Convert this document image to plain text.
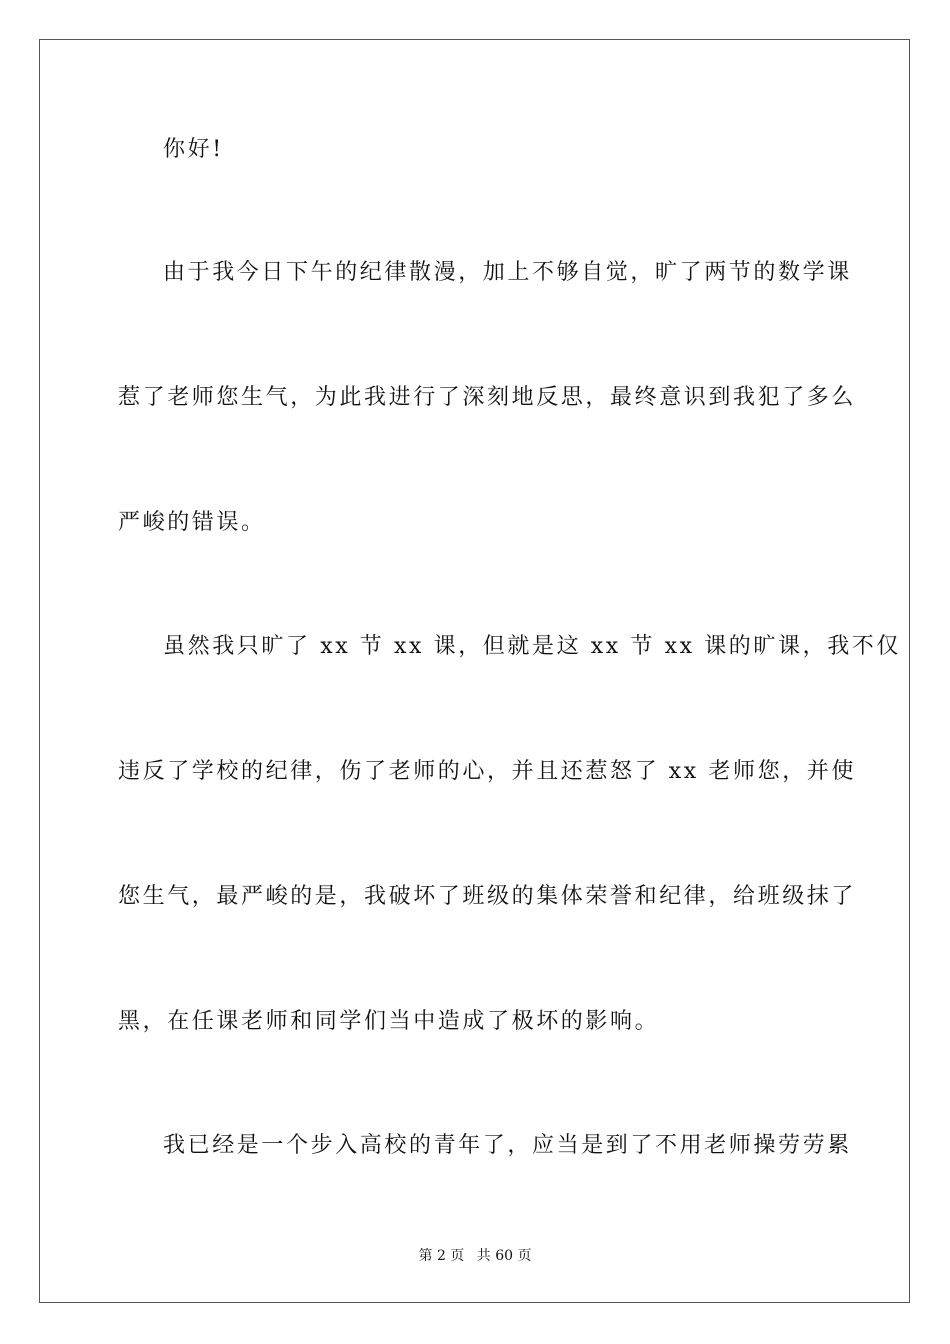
你好!
由于我今日下午的纪律散漫，加上不够自觉，旷了两节的数学课
惹了老师您生气，为此我进行了深刻地反思，最终意识到我犯了多么
严峻的错误。
虽然我只旷了 xx 节 xx 课，但就是这 xx 节 xx 课的旷课，我不仅
违反了学校的纪律，伤了老师的心，并且还惹怒了 xx 老师您，并使
您生气，最严峻的是，我破坏了班级的集体荣誉和纪律，给班级抹了
黑，在任课老师和同学们当中造成了极坏的影响。
我已经是一个步入高校的青年了，应当是到了不用老师操劳劳累
第 2 页 共 60 页
